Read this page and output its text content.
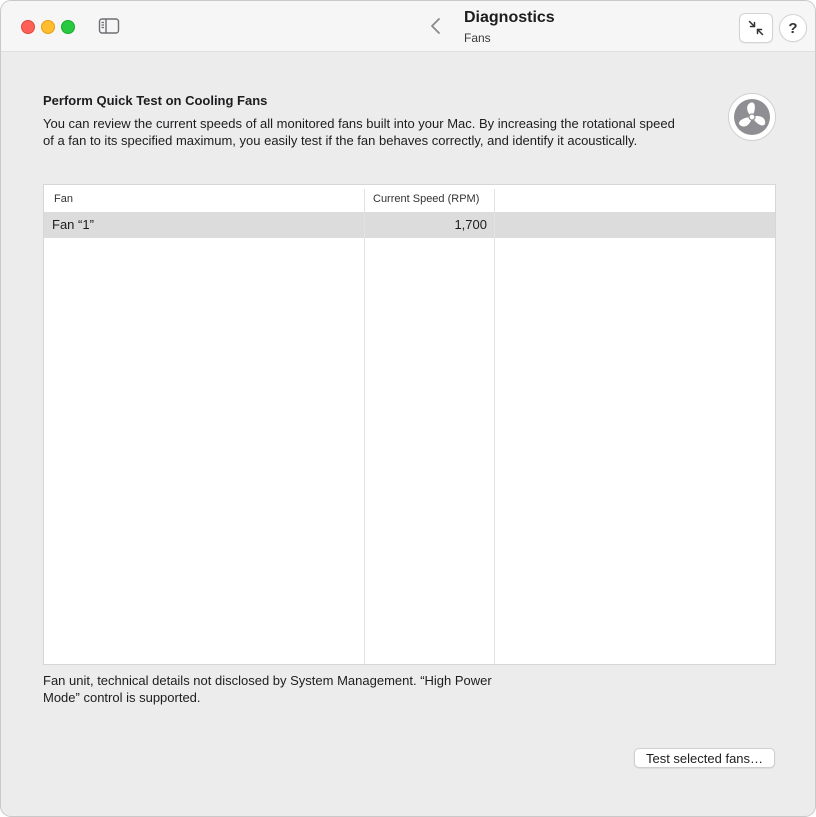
Diagnostics
Fans
?
Perform Quick Test on Cooling Fans
You can review the current speeds of all monitored fans built into your Mac. By increasing the rotational speed of a fan to its specified maximum, you easily test if the fan behaves correctly, and identify it acoustically.
Fan	Current Speed (RPM)
Fan “1”	1,700
Fan unit, technical details not disclosed by System Management. “High Power Mode” control is supported.
Test selected fans…
